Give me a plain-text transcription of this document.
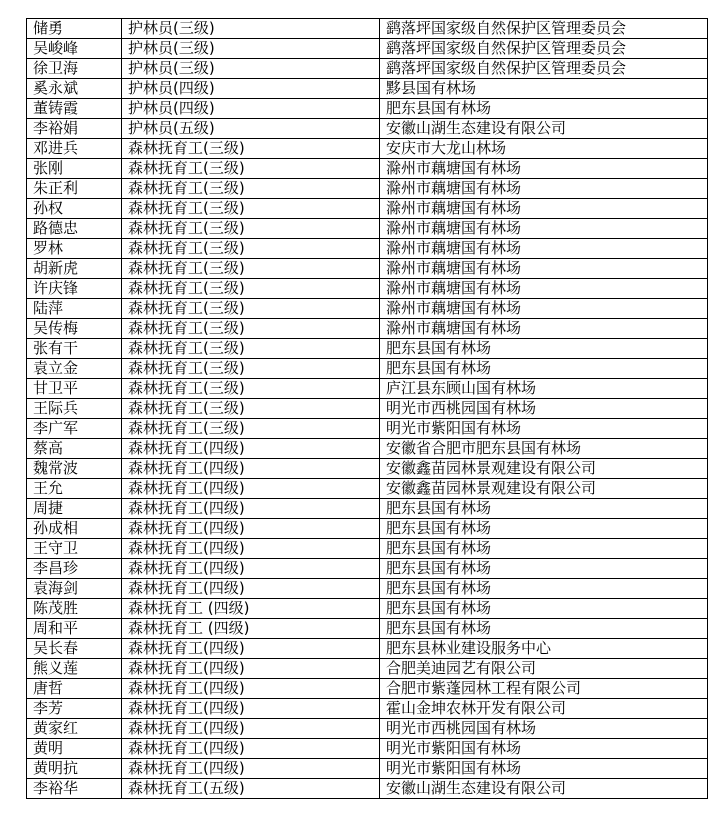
储勇	护林员(三级)	鹞落坪国家级自然保护区管理委员会
吴峻峰	护林员(三级)	鹞落坪国家级自然保护区管理委员会
徐卫海	护林员(三级)	鹞落坪国家级自然保护区管理委员会
奚永斌	护林员(四级)	黟县国有林场
董铸霞	护林员(四级)	肥东县国有林场
李裕娟	护林员(五级)	安徽山湖生态建设有限公司
邓进兵	森林抚育工(三级)	安庆市大龙山林场
张刚	森林抚育工(三级)	滁州市藕塘国有林场
朱正利	森林抚育工(三级)	滁州市藕塘国有林场
孙权	森林抚育工(三级)	滁州市藕塘国有林场
路德忠	森林抚育工(三级)	滁州市藕塘国有林场
罗林	森林抚育工(三级)	滁州市藕塘国有林场
胡新虎	森林抚育工(三级)	滁州市藕塘国有林场
许庆锋	森林抚育工(三级)	滁州市藕塘国有林场
陆萍	森林抚育工(三级)	滁州市藕塘国有林场
吴传梅	森林抚育工(三级)	滁州市藕塘国有林场
张有干	森林抚育工(三级)	肥东县国有林场
袁立金	森林抚育工(三级)	肥东县国有林场
甘卫平	森林抚育工(三级)	庐江县东顾山国有林场
王际兵	森林抚育工(三级)	明光市西桃园国有林场
李广军	森林抚育工(三级)	明光市紫阳国有林场
蔡高	森林抚育工(四级)	安徽省合肥市肥东县国有林场
魏常波	森林抚育工(四级)	安徽鑫苗园林景观建设有限公司
王允	森林抚育工(四级)	安徽鑫苗园林景观建设有限公司
周捷	森林抚育工(四级)	肥东县国有林场
孙成相	森林抚育工(四级)	肥东县国有林场
王守卫	森林抚育工(四级)	肥东县国有林场
李昌珍	森林抚育工(四级)	肥东县国有林场
袁海剑	森林抚育工(四级)	肥东县国有林场
陈茂胜	森林抚育工 (四级)	肥东县国有林场
周和平	森林抚育工 (四级)	肥东县国有林场
吴长春	森林抚育工(四级)	肥东县林业建设服务中心
熊义莲	森林抚育工(四级)	合肥美迪园艺有限公司
唐哲	森林抚育工(四级)	合肥市紫蓬园林工程有限公司
李芳	森林抚育工(四级)	霍山金坤农林开发有限公司
黄家红	森林抚育工(四级)	明光市西桃园国有林场
黄明	森林抚育工(四级)	明光市紫阳国有林场
黄明抗	森林抚育工(四级)	明光市紫阳国有林场
李裕华	森林抚育工(五级)	安徽山湖生态建设有限公司
